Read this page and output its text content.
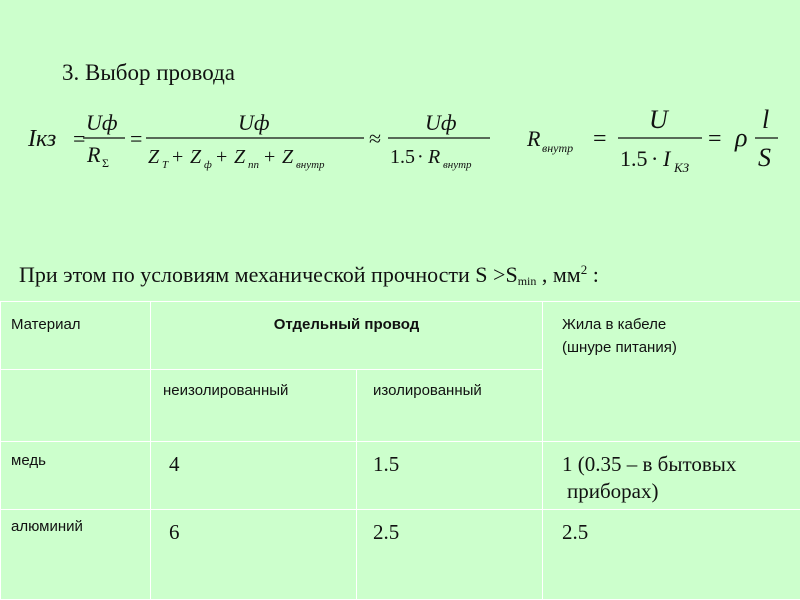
3. Выбор провода
Iкз =
Uф
R Σ
=
Uф
Z T + Z ф + Z пп + Z внутр
≈
Uф
1.5 · R внутр
R внутр =
U
1.5 · I КЗ
= ρ
l
S
При этом по условиям механической прочности $S >S_{min}$ , $мм^2$ :
Материал	Отдельный провод		Жила в кабеле
(шнуре питания)

	неизолированный	изолированный	

медь	4	1.5	1 (0.35 – в бытовых
приборах)

алюминий	6	2.5	2.5
